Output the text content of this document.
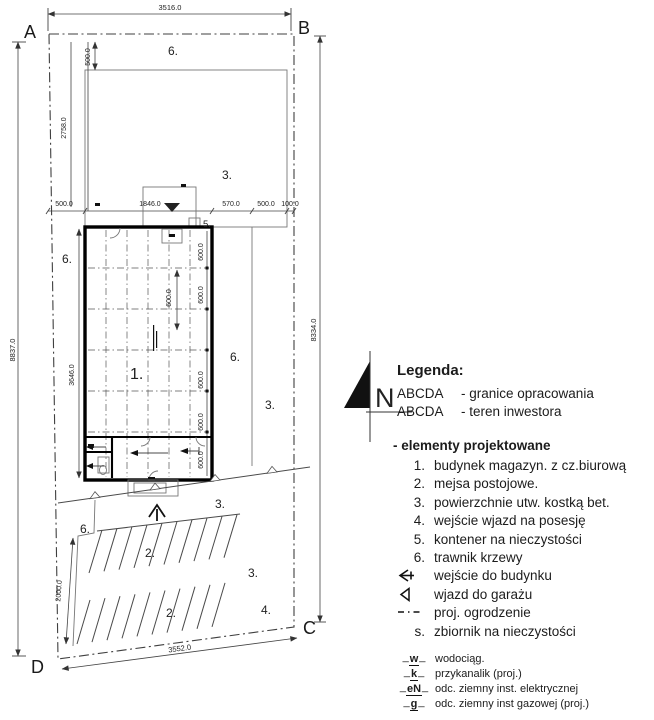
A	B
C
D
3516.0
8837.0
8334.0
3552.0
500.0	1846.0	570.0 500.0 100.0
2758.0
500.0
3646.0
600.0
600.0
600.0
600.0
600.0
600.0
2000.0
6.
3.
6.
6.
3.
1.
5.
6.
3.
3.
4.
2.
2.
N
Legenda:
ABCDA	- granice opracowania
ABCDA	- teren inwestora
- elementy projektowane
1. budynek magazyn. z cz.biurową
2. mejsa postojowe.
3. powierzchnie utw. kostką bet.
4. wejście wjazd na posesję
5. kontener na nieczystości
6. trawnik krzewy
wejście do budynku
wjazd do garażu
proj. ogrodzenie
s. zbiornik na nieczystości
_ w _	wodociąg.
_ k _	przykanalik (proj.)
_ eN _	odc. ziemny inst. elektrycznej
_ g _	odc. ziemny inst gazowej (proj.)
